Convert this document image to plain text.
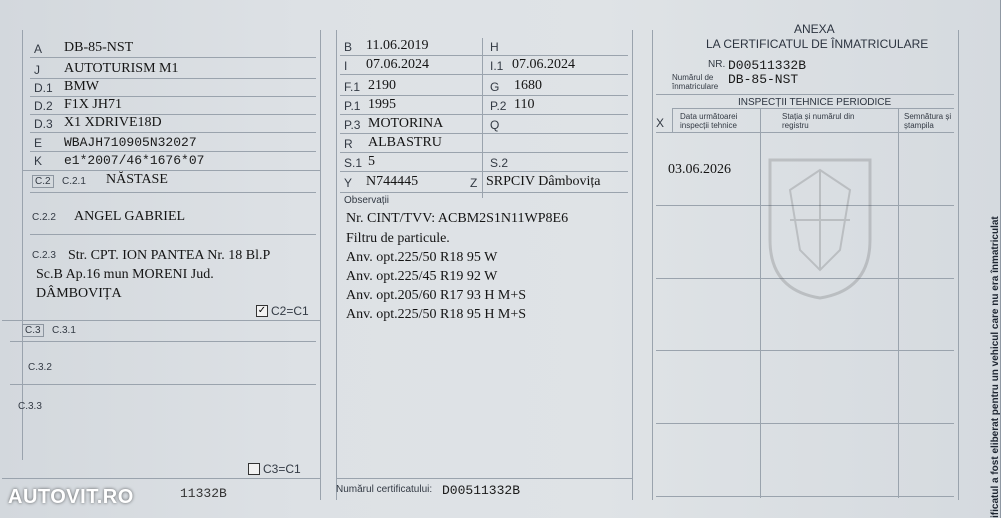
A DB-85-NST
J AUTOTURISM M1
D.1 BMW
D.2 F1X JH71
D.3 X1 XDRIVE18D
E WBAJH710905N32027
K e1*2007/46*1676*07
C.2	C.2.1 NĂSTASE
C.2.2 ANGEL GABRIEL
C.2.3 Str. CPT. ION PANTEA Nr. 18 Bl.P
Sc.B Ap.16 mun MORENI Jud.
DÂMBOVIȚA
✓ C2=C1
C.3	C.3.1
C.3.2
C.3.3
C3=C1
11332B
B 11.06.2019	H
I 07.06.2024	I.1 07.06.2024
F.1 2190	G 1680
P.1 1995	P.2 110
P.3 MOTORINA	Q
R ALBASTRU
S.1 5	S.2
Y N744445	Z SRPCIV Dâmbovița
Observații
Nr. CINT/TVV: ACBM2S1N11WP8E6
Filtru de particule.
Anv. opt.225/50 R18 95 W
Anv. opt.225/45 R19 92 W
Anv. opt.205/60 R17 93 H M+S
Anv. opt.225/50 R18 95 H M+S
Numărul certificatului: D00511332B
ANEXA
LA CERTIFICATUL DE ÎNMATRICULARE
NR. D00511332B
Numărul de înmatriculare DB-85-NST
INSPECȚII TEHNICE PERIODICE
X Data următoarei inspecții tehnice
Stația și numărul din registru
Semnătura și ștampila
03.06.2026
ificatul a fost eliberat pentru un vehicul care nu era înmatriculat
AUTOVIT.RO
